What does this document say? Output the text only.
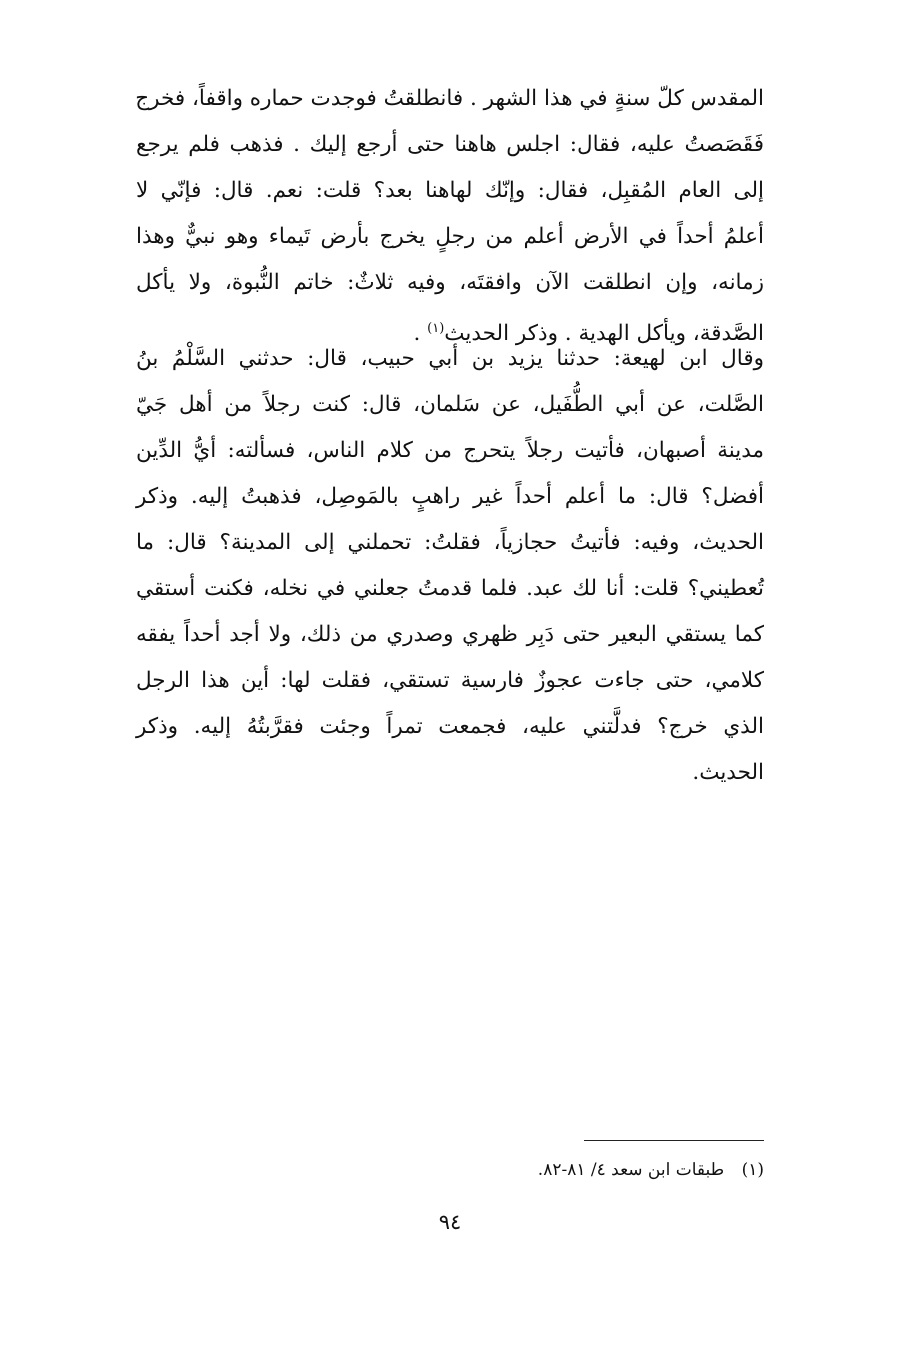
المقدس كلّ سنةٍ في هذا الشهر . فانطلقتُ فوجدت حماره واقفاً، فخرج
فَقَصَصتُ عليه، فقال: اجلس هاهنا حتى أرجع إليك . فذهب فلم يرجع
إلى العام المُقبِل، فقال: وإنّك لهاهنا بعد؟ قلت: نعم. قال: فإنّي لا
أعلمُ أحداً في الأرض أعلم من رجلٍ يخرج بأرض تَيماء وهو نبيٌّ وهذا
زمانه، وإن انطلقت الآن وافقتَه، وفيه ثلاثٌ: خاتم النُّبوة، ولا يأكل
الصَّدقة، ويأكل الهدية . وذكر الحديث$^{(١)}$ .
وقال ابن لهيعة: حدثنا يزيد بن أبي حبيب، قال: حدثني السَّلْمُ بنُ
الصَّلت، عن أبي الطُّفَيل، عن سَلمان، قال: كنت رجلاً من أهل جَيّ
مدينة أصبهان، فأتيت رجلاً يتحرج من كلام الناس، فسألته: أيُّ الدِّين
أفضل؟ قال: ما أعلم أحداً غير راهبٍ بالمَوصِل، فذهبتُ إليه. وذكر
الحديث، وفيه: فأتيتُ حجازياً، فقلتُ: تحملني إلى المدينة؟ قال: ما
تُعطيني؟ قلت: أنا لك عبد. فلما قدمتُ جعلني في نخله، فكنت أستقي
كما يستقي البعير حتى دَبِر ظهري وصدري من ذلك، ولا أجد أحداً يفقه
كلامي، حتى جاءت عجوزٌ فارسية تستقي، فقلت لها: أين هذا الرجل
الذي خرج؟ فدلَّتني عليه، فجمعت تمراً وجئت فقرَّبتُهُ إليه. وذكر
الحديث.
(١) طبقات ابن سعد ٤/ ٨١-٨٢.
٩٤
